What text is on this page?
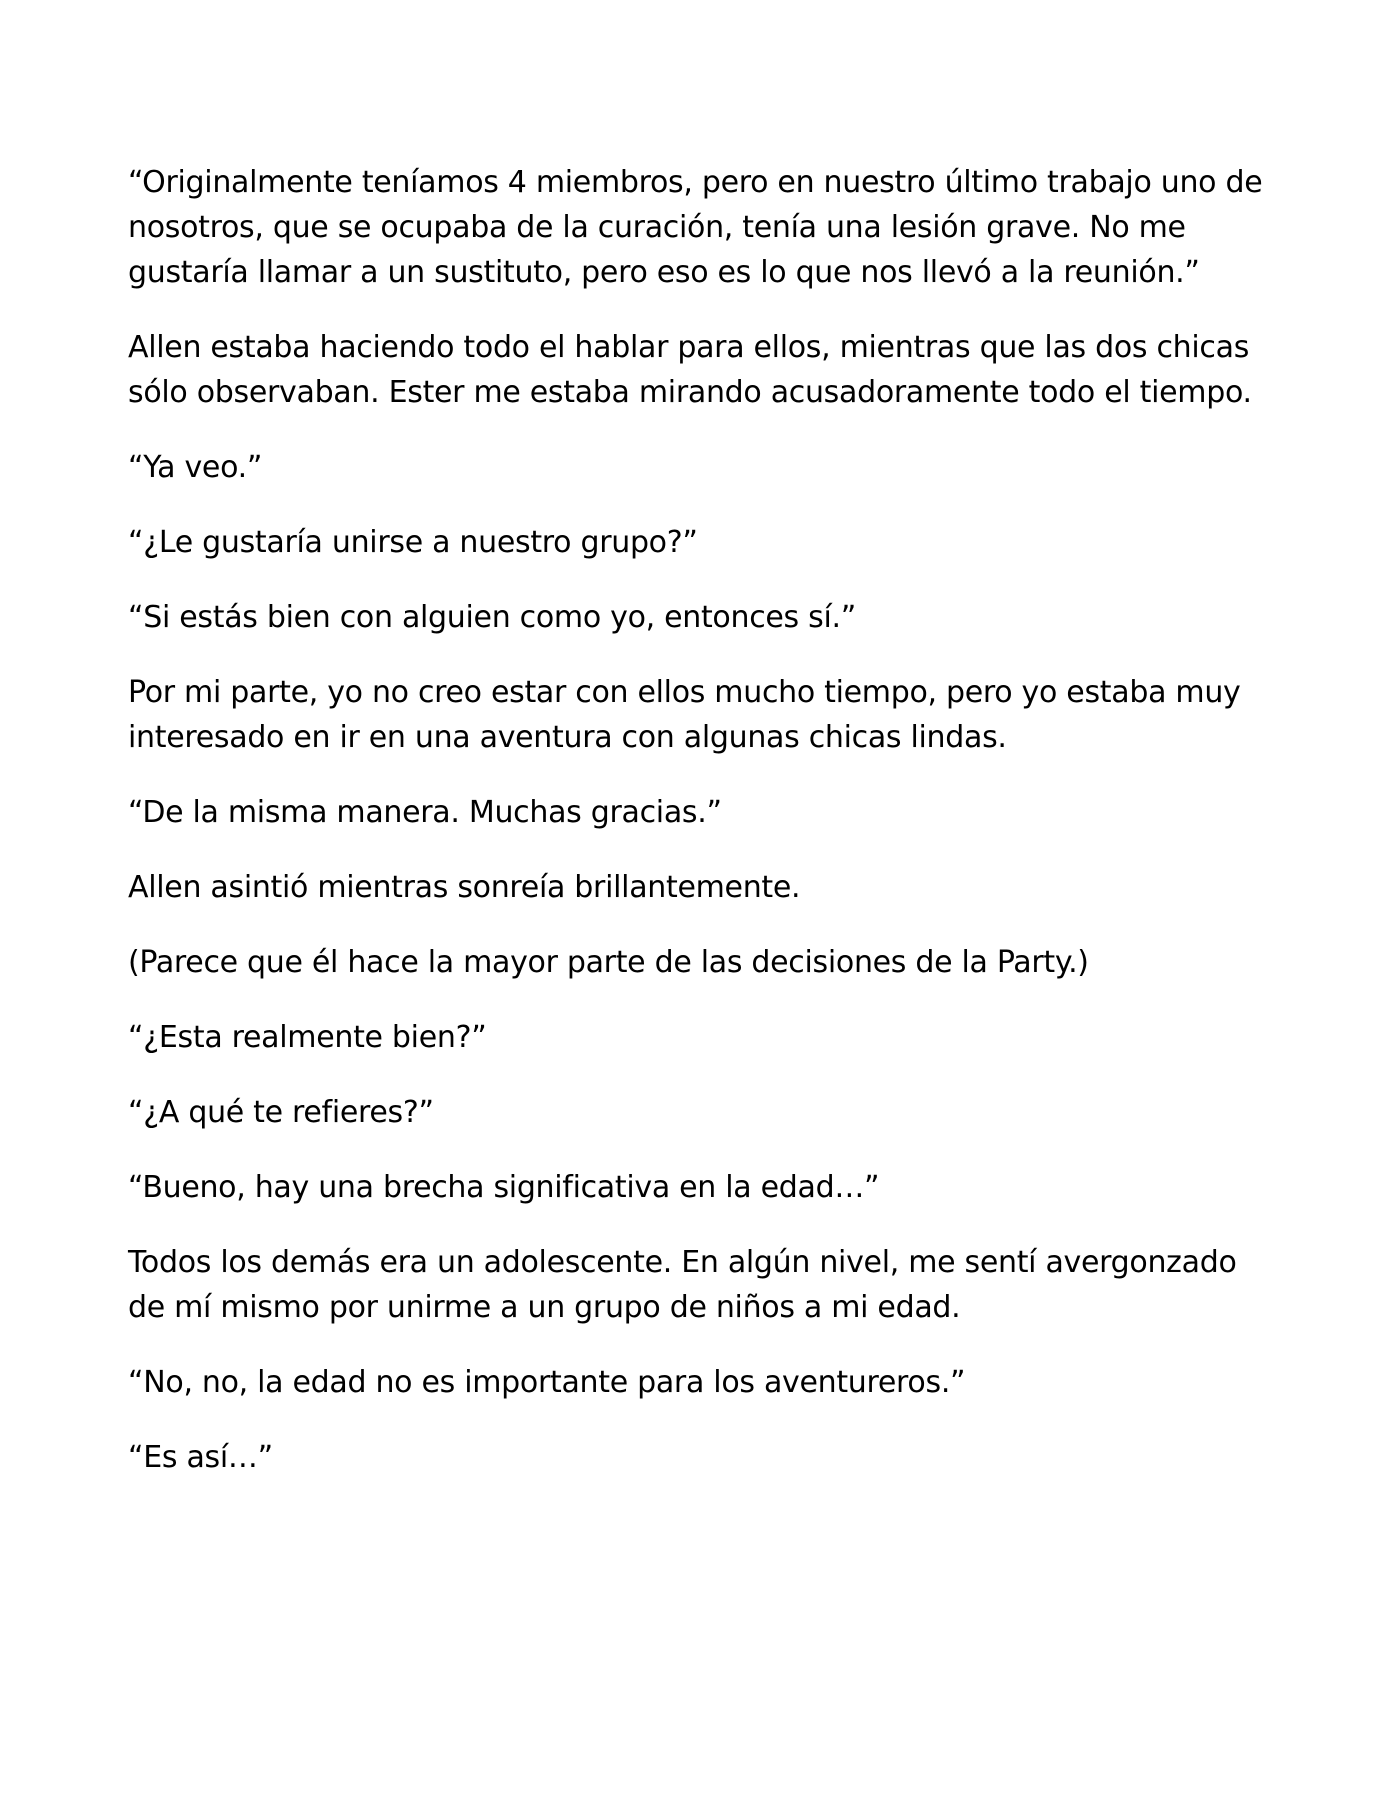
“Originalmente teníamos 4 miembros, pero en nuestro último trabajo uno de nosotros, que se ocupaba de la curación, tenía una lesión grave. No me gustaría llamar a un sustituto, pero eso es lo que nos llevó a la reunión.”

Allen estaba haciendo todo el hablar para ellos, mientras que las dos chicas sólo observaban. Ester me estaba mirando acusadoramente todo el tiempo.

“Ya veo.”

“¿Le gustaría unirse a nuestro grupo?”

“Si estás bien con alguien como yo, entonces sí.”

Por mi parte, yo no creo estar con ellos mucho tiempo, pero yo estaba muy interesado en ir en una aventura con algunas chicas lindas.

“De la misma manera. Muchas gracias.”

Allen asintió mientras sonreía brillantemente.

(Parece que él hace la mayor parte de las decisiones de la Party.)

“¿Esta realmente bien?”

“¿A qué te refieres?”

“Bueno, hay una brecha significativa en la edad…”

Todos los demás era un adolescente. En algún nivel, me sentí avergonzado de mí mismo por unirme a un grupo de niños a mi edad.

“No, no, la edad no es importante para los aventureros.”

“Es así…”
